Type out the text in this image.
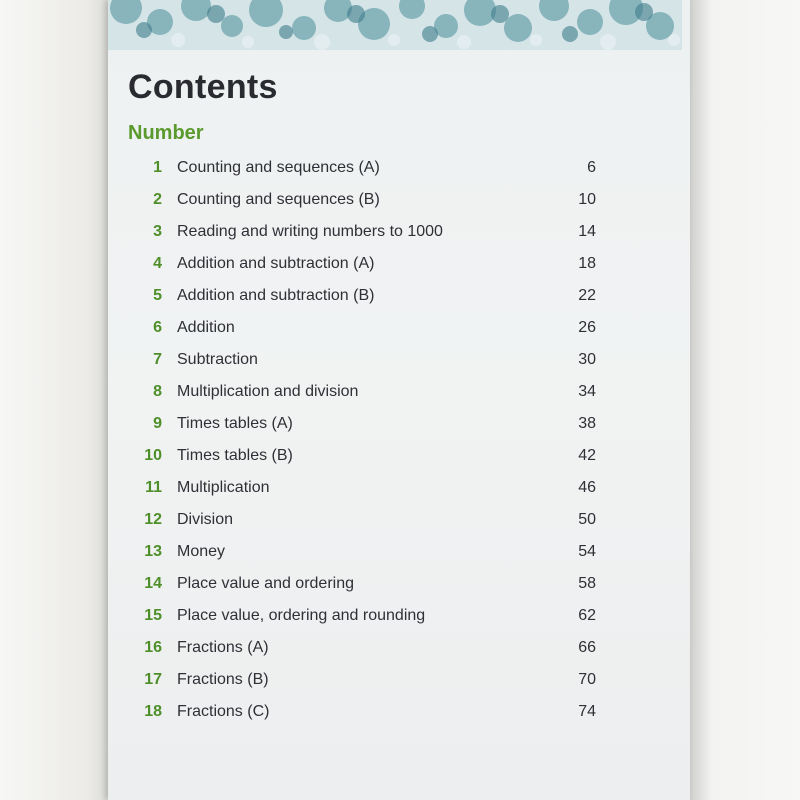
Contents
Number
1 Counting and sequences (A)	6
2 Counting and sequences (B)	10
3 Reading and writing numbers to 1000	14
4 Addition and subtraction (A)	18
5 Addition and subtraction (B)	22
6 Addition	26
7 Subtraction	30
8 Multiplication and division	34
9 Times tables (A)	38
10 Times tables (B)	42
11 Multiplication	46
12 Division	50
13 Money	54
14 Place value and ordering	58
15 Place value, ordering and rounding	62
16 Fractions (A)	66
17 Fractions (B)	70
18 Fractions (C)	74
